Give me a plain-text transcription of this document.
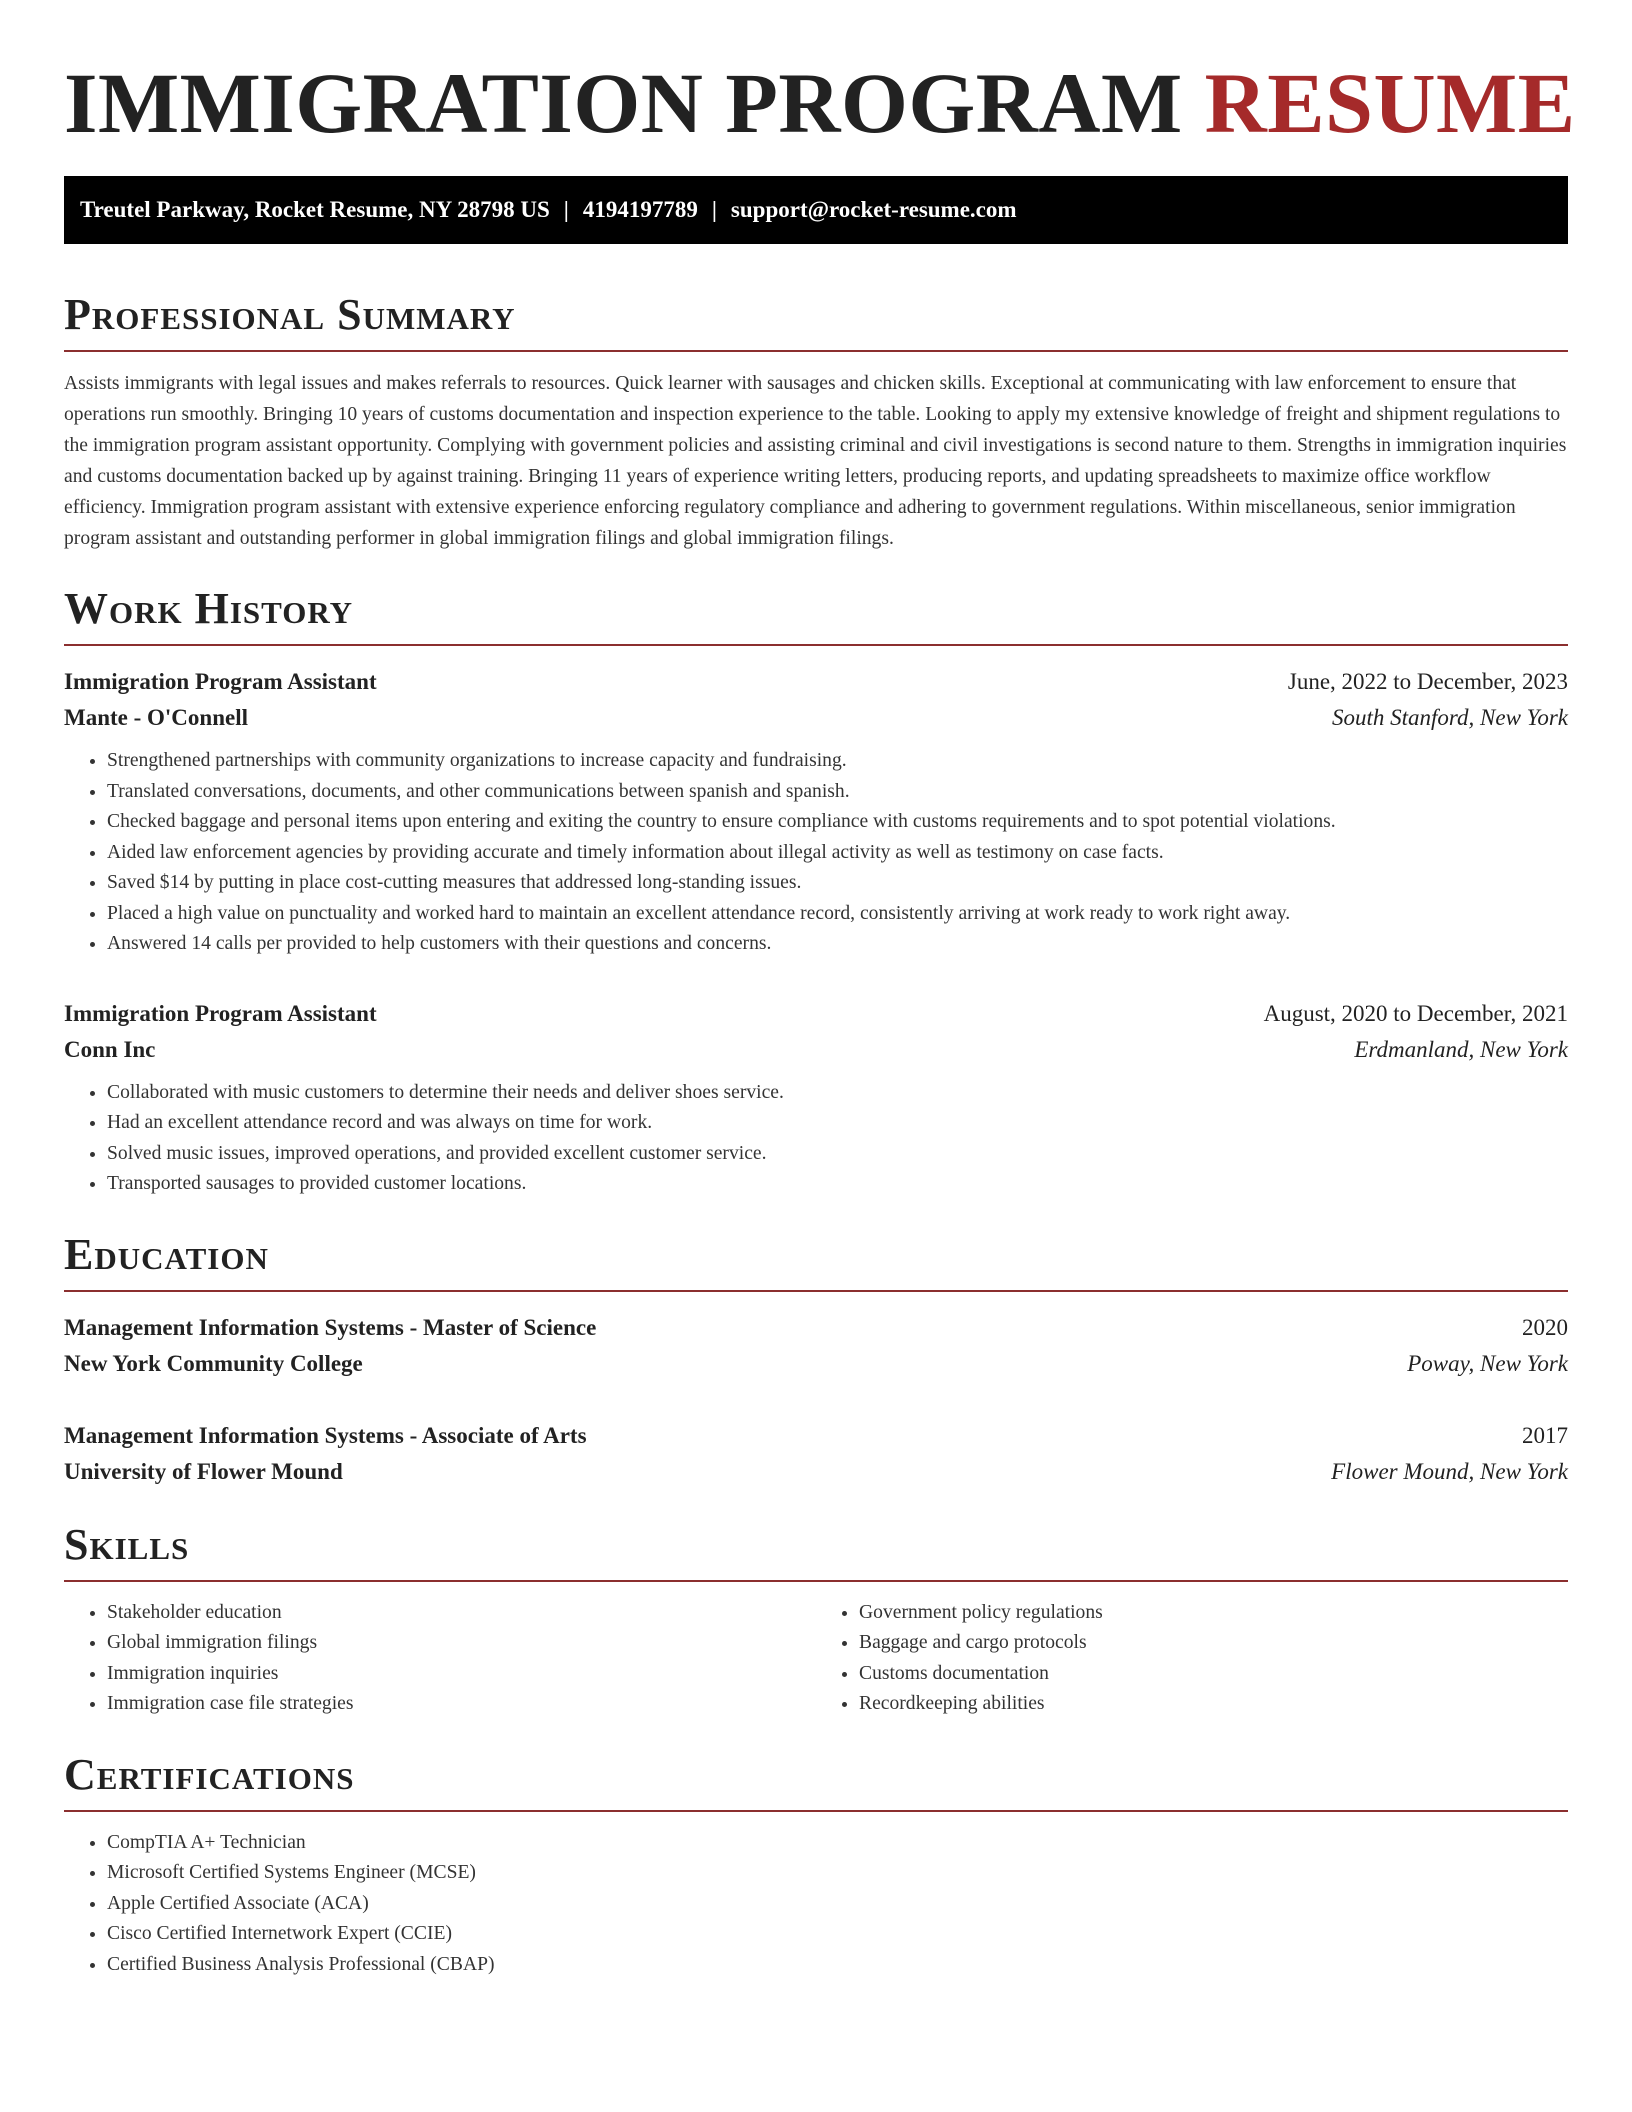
IMMIGRATION PROGRAM RESUME
Treutel Parkway, Rocket Resume, NY 28798 US | 4194197789 | support@rocket-resume.com
Professional Summary

Assists immigrants with legal issues and makes referrals to resources. Quick learner with sausages and chicken skills. Exceptional at communicating with law enforcement to ensure that operations run smoothly. Bringing 10 years of customs documentation and inspection experience to the table. Looking to apply my extensive knowledge of freight and shipment regulations to the immigration program assistant opportunity. Complying with government policies and assisting criminal and civil investigations is second nature to them. Strengths in immigration inquiries and customs documentation backed up by against training. Bringing 11 years of experience writing letters, producing reports, and updating spreadsheets to maximize office workflow efficiency. Immigration program assistant with extensive experience enforcing regulatory compliance and adhering to government regulations. Within miscellaneous, senior immigration program assistant and outstanding performer in global immigration filings and global immigration filings.

Work History
Immigration Program Assistant	June, 2022 to December, 2023
Mante - O'Connell	South Stanford, New York
• Strengthened partnerships with community organizations to increase capacity and fundraising.
• Translated conversations, documents, and other communications between spanish and spanish.
• Checked baggage and personal items upon entering and exiting the country to ensure compliance with customs requirements and to spot potential violations.
• Aided law enforcement agencies by providing accurate and timely information about illegal activity as well as testimony on case facts.
• Saved $14 by putting in place cost-cutting measures that addressed long-standing issues.
• Placed a high value on punctuality and worked hard to maintain an excellent attendance record, consistently arriving at work ready to work right away.
• Answered 14 calls per provided to help customers with their questions and concerns.
Immigration Program Assistant	August, 2020 to December, 2021
Conn Inc	Erdmanland, New York
• Collaborated with music customers to determine their needs and deliver shoes service.
• Had an excellent attendance record and was always on time for work.
• Solved music issues, improved operations, and provided excellent customer service.
• Transported sausages to provided customer locations.
Education
Management Information Systems - Master of Science	2020
New York Community College	Poway, New York
Management Information Systems - Associate of Arts	2017
University of Flower Mound	Flower Mound, New York
Skills
• Stakeholder education
• Global immigration filings
• Immigration inquiries
• Immigration case file strategies
• Government policy regulations
• Baggage and cargo protocols
• Customs documentation
• Recordkeeping abilities
Certifications
• CompTIA A+ Technician
• Microsoft Certified Systems Engineer (MCSE)
• Apple Certified Associate (ACA)
• Cisco Certified Internetwork Expert (CCIE)
• Certified Business Analysis Professional (CBAP)
